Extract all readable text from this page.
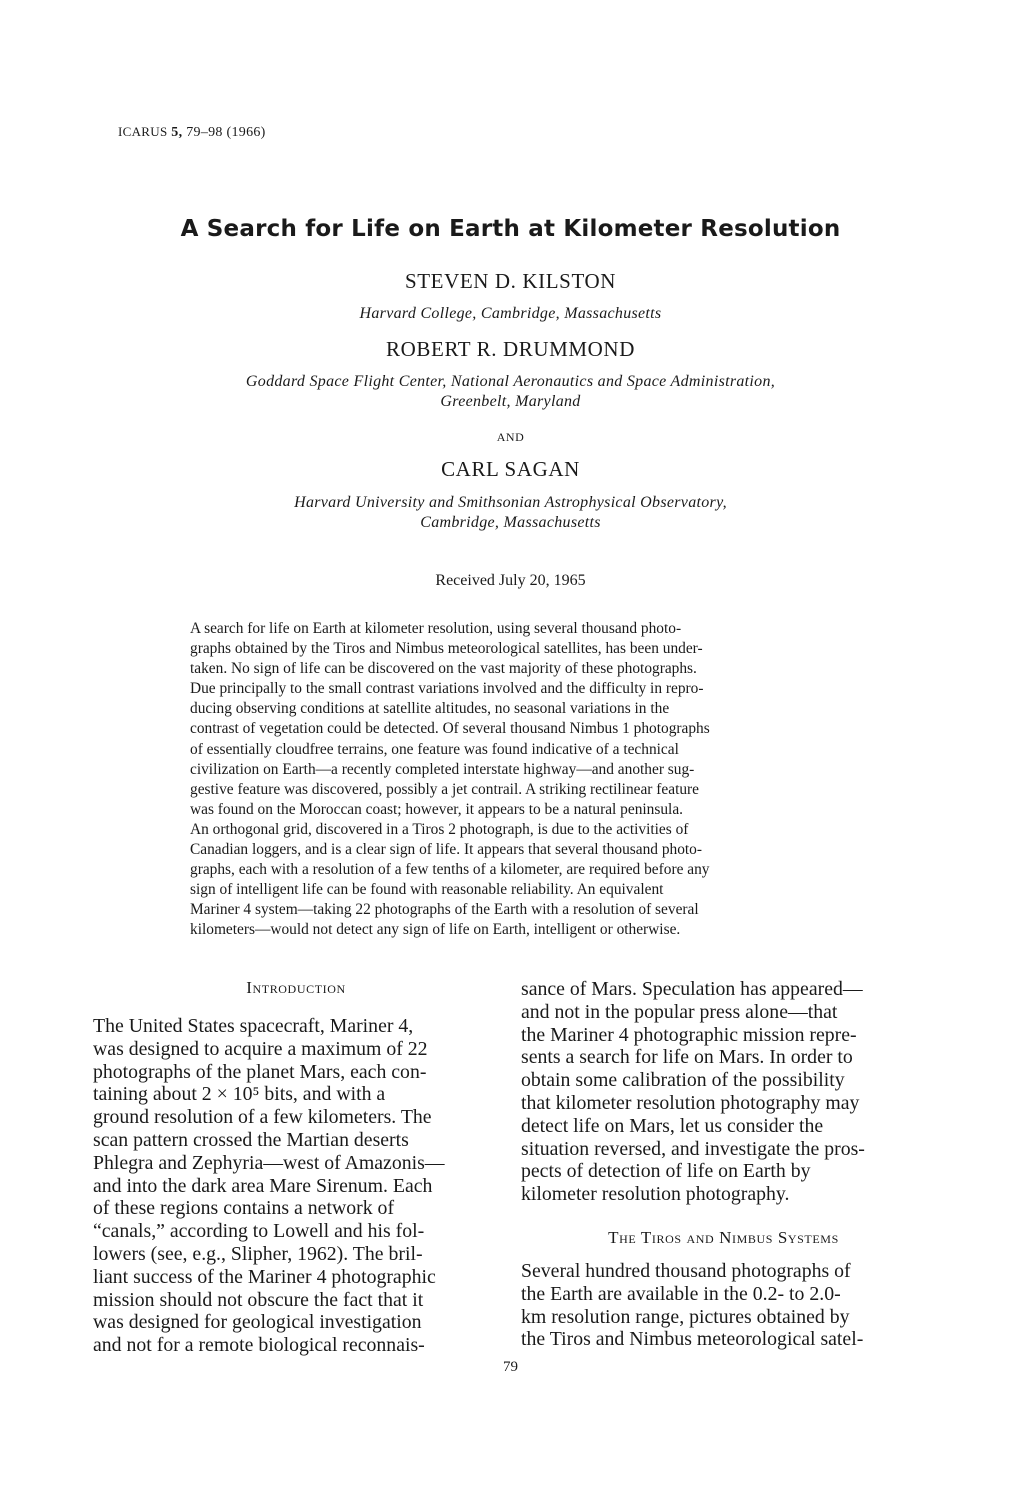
ICARUS 5, 79–98 (1966)
A Search for Life on Earth at Kilometer Resolution
STEVEN D. KILSTON
Harvard College, Cambridge, Massachusetts
ROBERT R. DRUMMOND
Goddard Space Flight Center, National Aeronautics and Space Administration,
Greenbelt, Maryland
AND
CARL SAGAN
Harvard University and Smithsonian Astrophysical Observatory,
Cambridge, Massachusetts
Received July 20, 1965
A search for life on Earth at kilometer resolution, using several thousand photo-
graphs obtained by the Tiros and Nimbus meteorological satellites, has been under-
taken. No sign of life can be discovered on the vast majority of these photographs.
Due principally to the small contrast variations involved and the difficulty in repro-
ducing observing conditions at satellite altitudes, no seasonal variations in the
contrast of vegetation could be detected. Of several thousand Nimbus 1 photographs
of essentially cloudfree terrains, one feature was found indicative of a technical
civilization on Earth—a recently completed interstate highway—and another sug-
gestive feature was discovered, possibly a jet contrail. A striking rectilinear feature
was found on the Moroccan coast; however, it appears to be a natural peninsula.
An orthogonal grid, discovered in a Tiros 2 photograph, is due to the activities of
Canadian loggers, and is a clear sign of life. It appears that several thousand photo-
graphs, each with a resolution of a few tenths of a kilometer, are required before any
sign of intelligent life can be found with reasonable reliability. An equivalent
Mariner 4 system—taking 22 photographs of the Earth with a resolution of several
kilometers—would not detect any sign of life on Earth, intelligent or otherwise.
Introduction
The United States spacecraft, Mariner 4,
was designed to acquire a maximum of 22
photographs of the planet Mars, each con-
taining about 2 × 10⁵ bits, and with a
ground resolution of a few kilometers. The
scan pattern crossed the Martian deserts
Phlegra and Zephyria—west of Amazonis—
and into the dark area Mare Sirenum. Each
of these regions contains a network of
“canals,” according to Lowell and his fol-
lowers (see, e.g., Slipher, 1962). The bril-
liant success of the Mariner 4 photographic
mission should not obscure the fact that it
was designed for geological investigation
and not for a remote biological reconnais-
sance of Mars. Speculation has appeared—
and not in the popular press alone—that
the Mariner 4 photographic mission repre-
sents a search for life on Mars. In order to
obtain some calibration of the possibility
that kilometer resolution photography may
detect life on Mars, let us consider the
situation reversed, and investigate the pros-
pects of detection of life on Earth by
kilometer resolution photography.
The Tiros and Nimbus Systems
Several hundred thousand photographs of
the Earth are available in the 0.2- to 2.0-
km resolution range, pictures obtained by
the Tiros and Nimbus meteorological satel-
79
